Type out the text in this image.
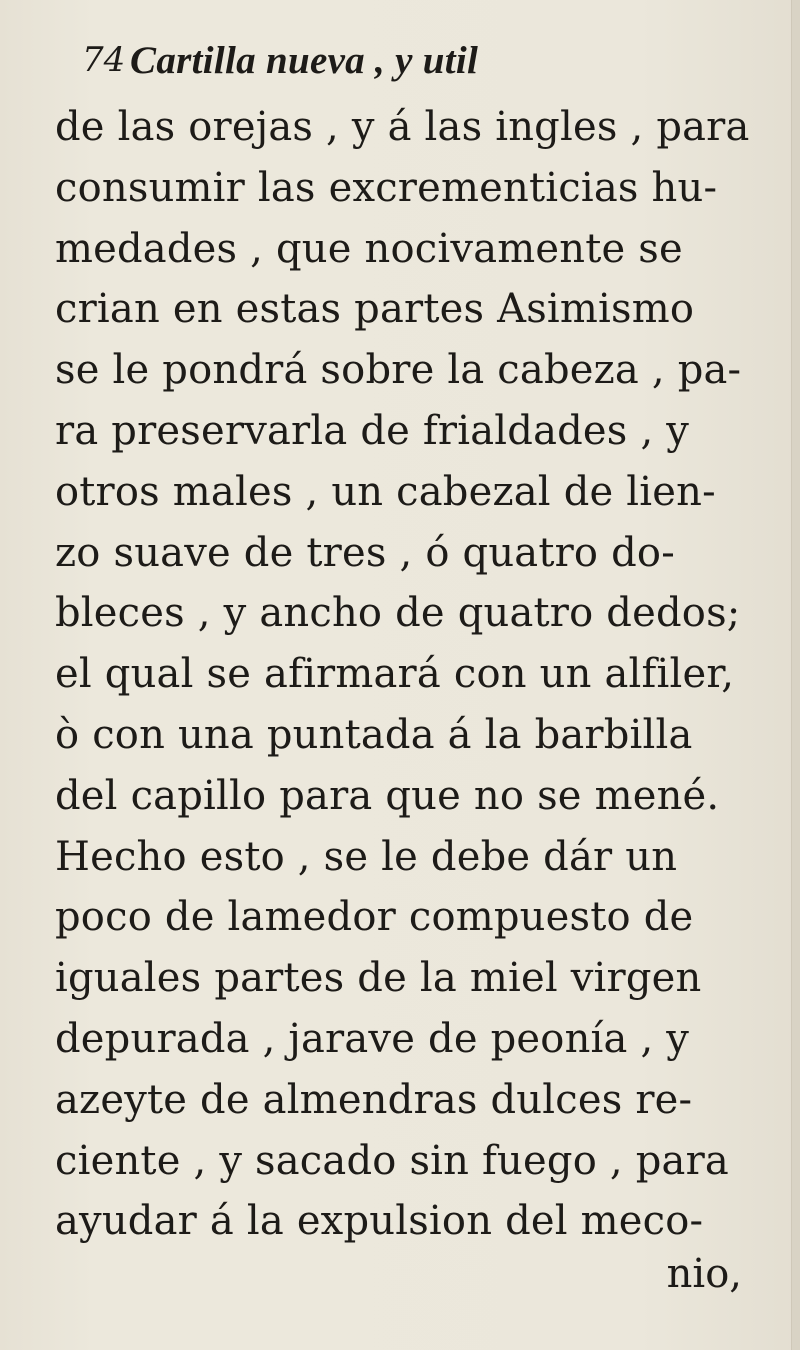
74 Cartilla nueva , y util
de las orejas , y á las ingles , para
consumir las excrementicias hu-
medades , que nocivamente se
crian en estas partes Asimismo
se le pondrá sobre la cabeza , pa-
ra preservarla de frialdades , y
otros males , un cabezal de lien-
zo suave de tres , ó quatro do-
bleces , y ancho de quatro dedos;
el qual se afirmará con un alfiler,
ò con una puntada á la barbilla
del capillo para que no se mené.
Hecho esto , se le debe dár un
poco de lamedor compuesto de
iguales partes de la miel virgen
depurada , jarave de peonía , y
azeyte de almendras dulces re-
ciente , y sacado sin fuego , para
ayudar á la expulsion del meco-
nio,
